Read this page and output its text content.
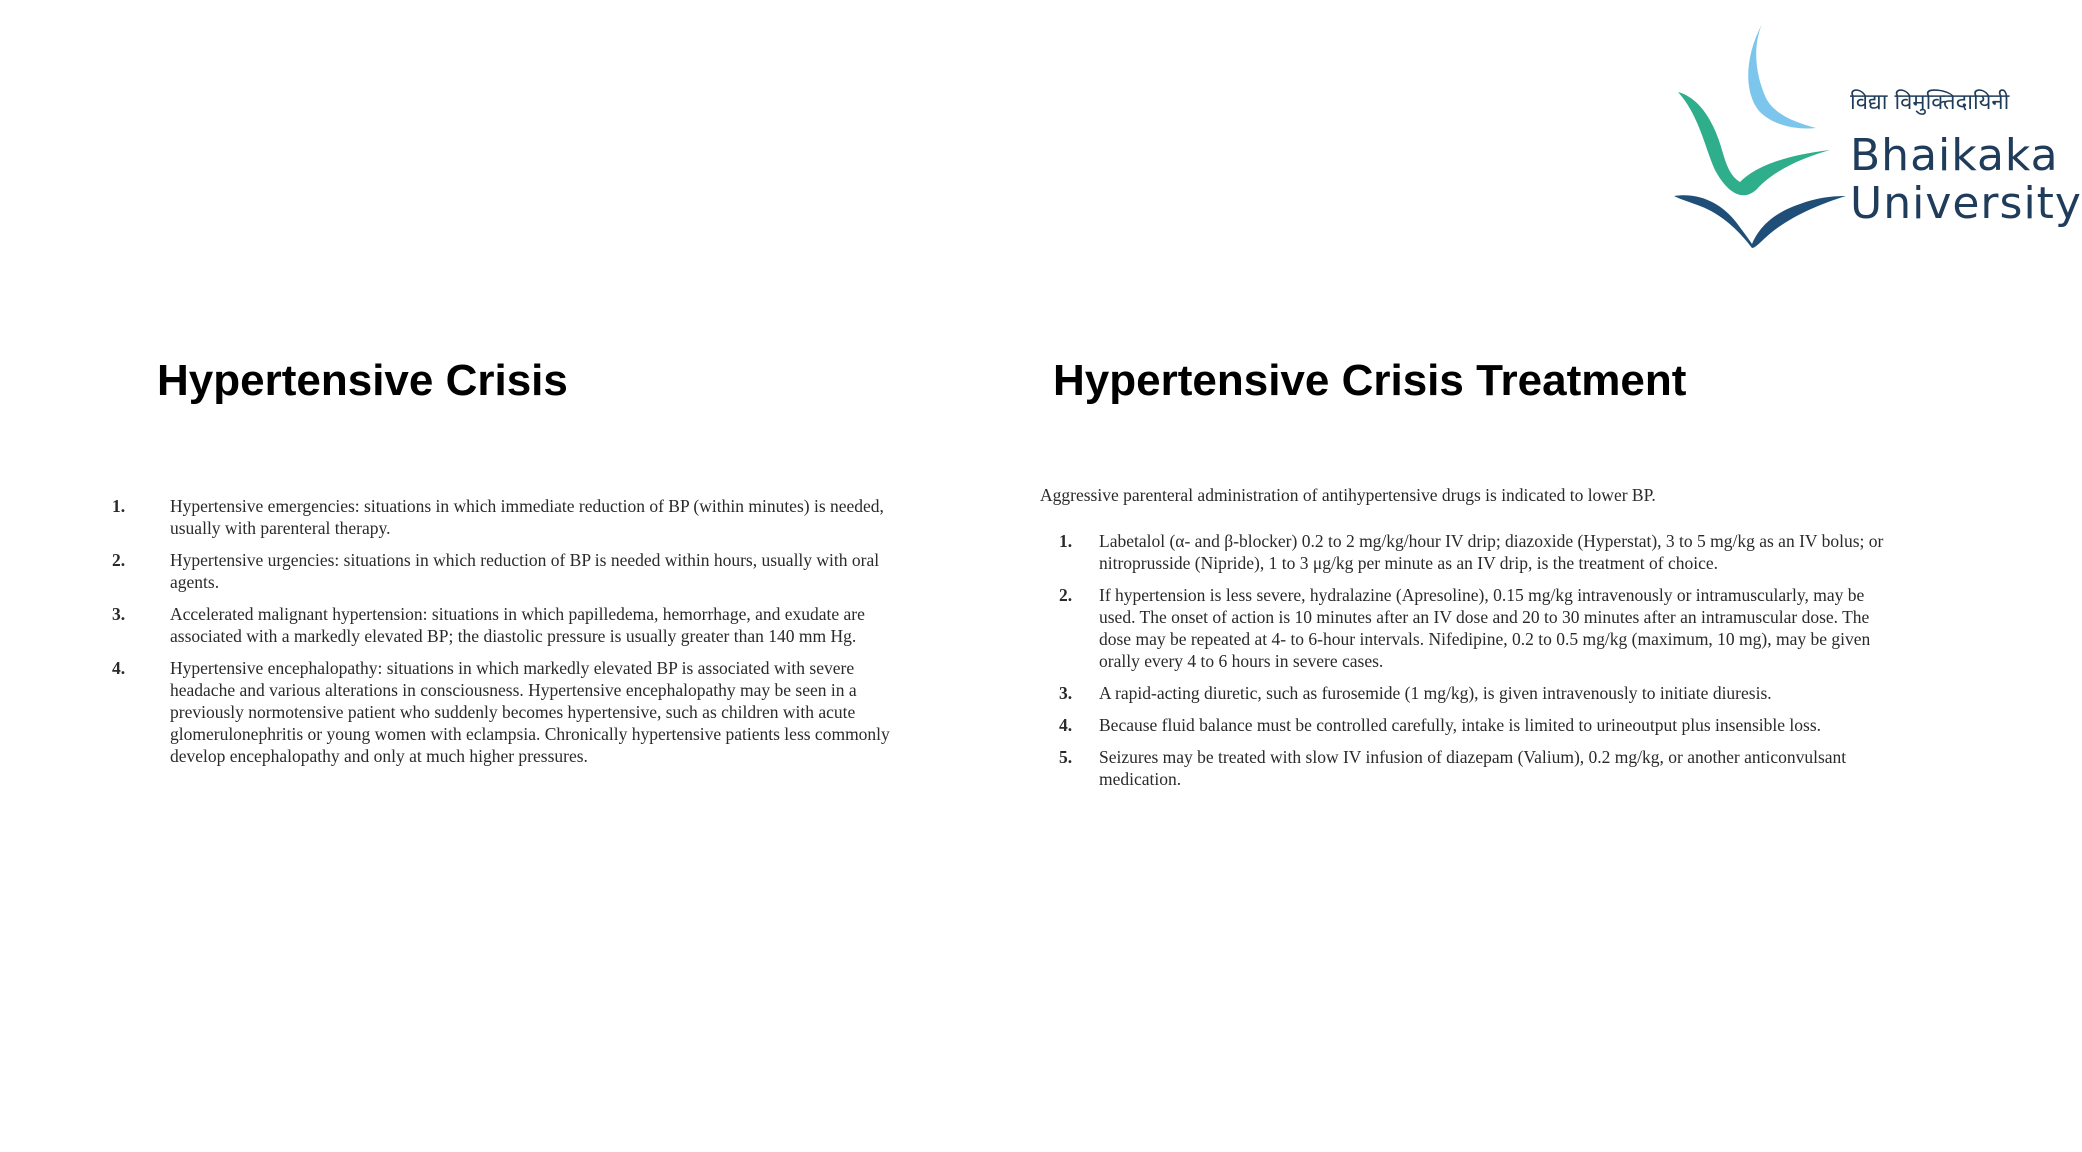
विद्या विमुक्तिदायिनी
Bhaikaka
University
Hypertensive Crisis	Hypertensive Crisis Treatment
1.	Hypertensive emergencies: situations in which immediate reduction of BP (within minutes) is needed, usually with parenteral therapy.
2.	Hypertensive urgencies: situations in which reduction of BP is needed within hours, usually with oral agents.
3.	Accelerated malignant hypertension: situations in which papilledema, hemorrhage, and exudate are associated with a markedly elevated BP; the diastolic pressure is usually greater than 140 mm Hg.
4.	Hypertensive encephalopathy: situations in which markedly elevated BP is associated with severe headache and various alterations in consciousness. Hypertensive encephalopathy may be seen in a previously normotensive patient who suddenly becomes hypertensive, such as children with acute glomerulonephritis or young women with eclampsia. Chronically hypertensive patients less commonly develop encephalopathy and only at much higher pressures.

Aggressive parenteral administration of antihypertensive drugs is indicated to lower BP.

1. Labetalol (α- and β-blocker) 0.2 to 2 mg/kg/hour IV drip; diazoxide (Hyperstat), 3 to 5 mg/kg as an IV bolus; or nitroprusside (Nipride), 1 to 3 μg/kg per minute as an IV drip, is the treatment of choice.
2. If hypertension is less severe, hydralazine (Apresoline), 0.15 mg/kg intravenously or intramuscularly, may be used. The onset of action is 10 minutes after an IV dose and 20 to 30 minutes after an intramuscular dose. The dose may be repeated at 4- to 6-hour intervals. Nifedipine, 0.2 to 0.5 mg/kg (maximum, 10 mg), may be given orally every 4 to 6 hours in severe cases.
3. A rapid-acting diuretic, such as furosemide (1 mg/kg), is given intravenously to initiate diuresis.
4. Because fluid balance must be controlled carefully, intake is limited to urineoutput plus insensible loss.
5. Seizures may be treated with slow IV infusion of diazepam (Valium), 0.2 mg/kg, or another anticonvulsant medication.
